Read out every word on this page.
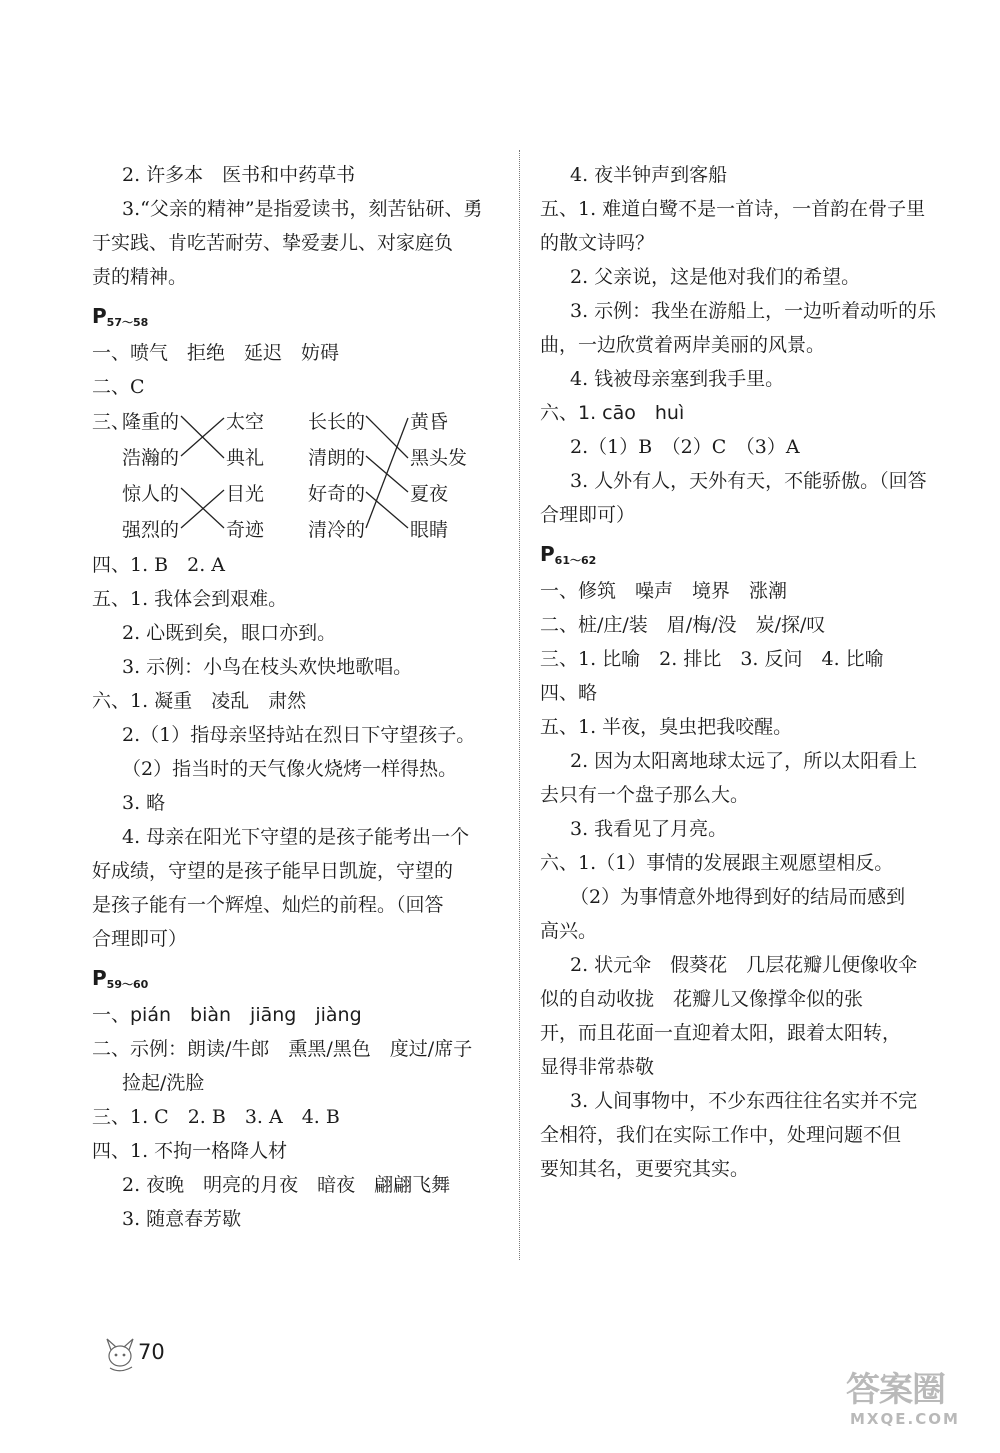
2. 许多本　医书和中药草书
3.“父亲的精神”是指爱读书，刻苦钻研、勇
于实践、肯吃苦耐劳、挚爱妻儿、对家庭负
责的精神。
$P_{57\sim 58}$
一、喷气　拒绝　延迟　妨碍
二、C
三、
隆重的
浩瀚的
惊人的
强烈的
太空
典礼
目光
奇迹
长长的
清朗的
好奇的
清冷的
黄昏
黑头发
夏夜
眼睛
四、1. B　2. A
五、1. 我体会到艰难。
2. 心既到矣，眼口亦到。
3. 示例：小鸟在枝头欢快地歌唱。
六、1. 凝重　凌乱　肃然
2.（1）指母亲坚持站在烈日下守望孩子。
（2）指当时的天气像火烧烤一样得热。
3. 略
4. 母亲在阳光下守望的是孩子能考出一个
好成绩，守望的是孩子能早日凯旋，守望的
是孩子能有一个辉煌、灿烂的前程。（回答
合理即可）
$P_{59\sim 60}$
一、pián　biàn　jiāng　jiàng
二、示例：朗读/牛郎　熏黑/黑色　度过/席子
捡起/洗脸
三、1. C　2. B　3. A　4. B
四、1. 不拘一格降人材
2. 夜晚　明亮的月夜　暗夜　翩翩飞舞
3. 随意春芳歇
4. 夜半钟声到客船
五、1. 难道白鹭不是一首诗，一首韵在骨子里
的散文诗吗？
2. 父亲说，这是他对我们的希望。
3. 示例：我坐在游船上，一边听着动听的乐
曲，一边欣赏着两岸美丽的风景。
4. 钱被母亲塞到我手里。
六、1. cāo　huì
2.（1）B　（2）C　（3）A
3. 人外有人，天外有天，不能骄傲。（回答
合理即可）
$P_{61\sim 62}$
一、修筑　噪声　境界　涨潮
二、桩/庄/装　眉/梅/没　炭/探/叹
三、1. 比喻　2. 排比　3. 反问　4. 比喻
四、略
五、1. 半夜，臭虫把我咬醒。
2. 因为太阳离地球太远了，所以太阳看上
去只有一个盘子那么大。
3. 我看见了月亮。
六、1.（1）事情的发展跟主观愿望相反。
（2）为事情意外地得到好的结局而感到
高兴。
2. 状元伞　假葵花　几层花瓣儿便像收伞
似的自动收拢　花瓣儿又像撑伞似的张
开，而且花面一直迎着太阳，跟着太阳转，
显得非常恭敬
3. 人间事物中，不少东西往往名实并不完
全相符，我们在实际工作中，处理问题不但
要知其名，更要究其实。
70
答案圈
MXQE.COM
